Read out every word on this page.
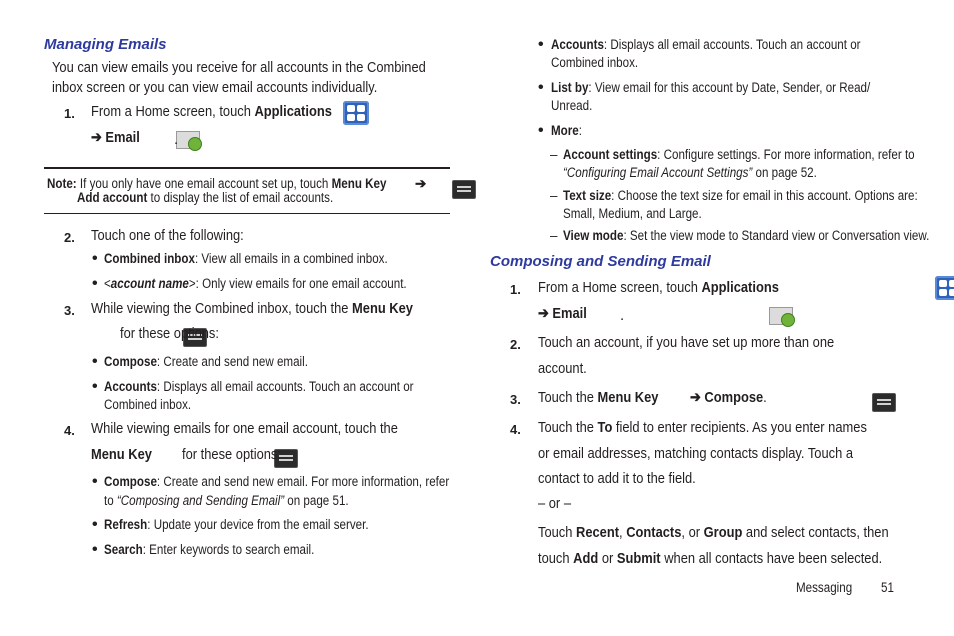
Managing Emails
You can view emails you receive for all accounts in the Combined
inbox screen or you can view email accounts individually.
1. From a Home screen, touch Applications

➔ Email
	.
Note: If you only have one email account set up, touch Menu Key
	➔
Add account to display the list of email accounts.
2. Touch one of the following:
• Combined inbox: View all emails in a combined inbox.
• <account name>: Only view emails for one email account.
3. While viewing the Combined inbox, touch the Menu Key

for these options:
• Compose: Create and send new email.
• Accounts: Displays all email accounts. Touch an account or
Combined inbox.
4. While viewing emails for one email account, touch the
Menu Key
	for these options:
• Compose: Create and send new email. For more information, refer
to “Composing and Sending Email” on page 51.
• Refresh: Update your device from the email server.
• Search: Enter keywords to search email.
• Accounts: Displays all email accounts. Touch an account or
Combined inbox.
• List by: View email for this account by Date, Sender, or Read/
Unread.
• More:
– Account settings: Configure settings. For more information, refer to
“Configuring Email Account Settings” on page 52.
– Text size: Choose the text size for email in this account. Options are:
Small, Medium, and Large.
– View mode: Set the view mode to Standard view or Conversation view.
Composing and Sending Email
1. From a Home screen, touch Applications

➔ Email
	.
2. Touch an account, if you have set up more than one
account.
3. Touch the Menu Key	➔ Compose.
4. Touch the To field to enter recipients. As you enter names
or email addresses, matching contacts display. Touch a
contact to add it to the field.
– or –
Touch Recent, Contacts, or Group and select contacts, then
touch Add or Submit when all contacts have been selected.
Messaging	51
